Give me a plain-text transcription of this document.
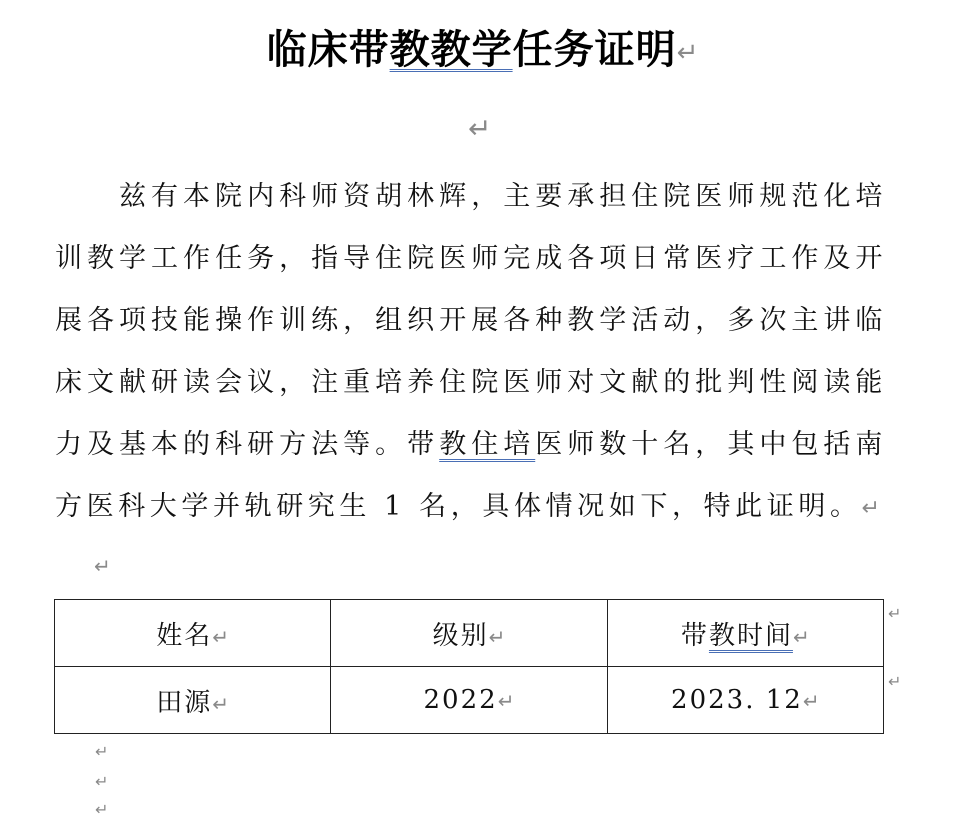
临床带教教学任务证明↵
↵

兹有本院内科师资胡林辉，主要承担住院医师规范化培训教学工作任务，指导住院医师完成各项日常医疗工作及开展各项技能操作训练，组织开展各种教学活动，多次主讲临床文献研读会议，注重培养住院医师对文献的批判性阅读能力及基本的科研方法等。带教住培医师数十名，其中包括南方医科大学并轨研究生 1 名，具体情况如下，特此证明。↵

↵
姓名↵	级别↵	带教时间↵
田源↵	2022↵	2023. 12↵
↵
↵
↵
↵
↵
